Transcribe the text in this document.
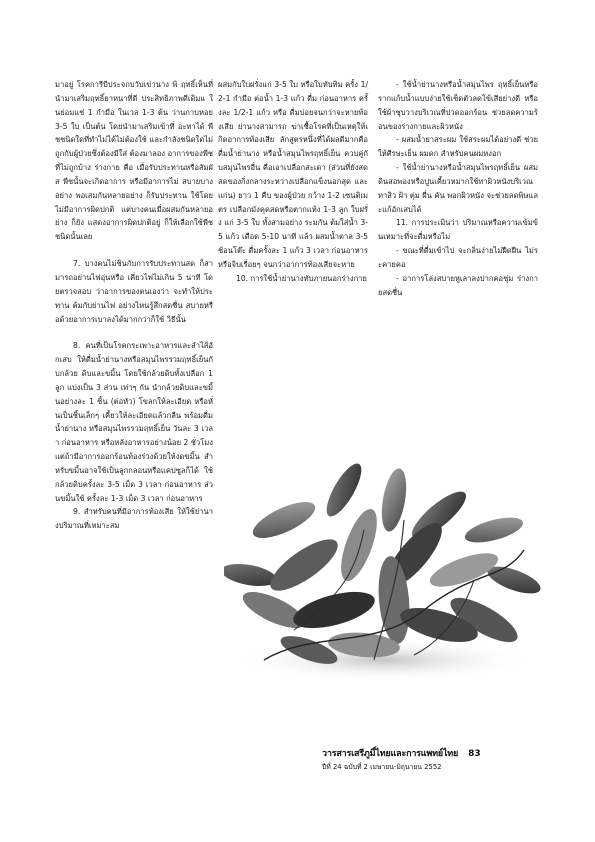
มาอยู่ โรคการีบีประจกบวับเข่านาง พิ ฤทธิ์เห็นที่นำมาเสริมฤทธิ์ยาหนาที่ดี ประสิทธิภาพดีเดิมแ ในย่อมแช่ 1 กำมือ ในเวล 1-3 ต้น ว่านกาบหอย 3-5 ใบ เป็นต้น โดยนำมาเสริมเข้าที่ อะทาได้ พืชชนิดใดที่ทำไม่ได้ไม่ต้องใช้ และกำลังชนิดใดไม่ถูกกับผู้ป่วยซึ่งต้องมีใส่ ต้องมาลอง อาการของพืชที่ไม่ถูกบ้าง ร่างกาย คือ เมื่อรับประทานหรือสัมผัส พืชนั้นจะเกิดอาการ หรือมีอาการไม่ สบายบางอย่าง พอเสมกันหลายอย่าง ก็รับประทาน ใช้โดยไม่มีอาการผิดปกติ แต่บางคนเมื่อผสมกันหลายอย่าง ก็ยัง แสดงอาการผิดปกติอยู่ ก็ให้เลือกใช้พืช ชนิดนั้นเลย

7. บางคนไม่ชินกับการรับประทานสด ก็สามารถอย่านไฟอุ่นหรือ เคี่ยวไฟไม่เกิน 5 นาที โดยตรวจสอบ ว่าอาการของตนเองว่า จะทำให้ประทาน ต้มกับย่านไฟ อย่างไหนรู้สึกสดชื่น สบายหรือด้วยอาการเบาลงได้มากกว่าก็ใช้ วิธีนั้น

8. คนที่เป็นโรคกระเพาะอาหารและลำไส้อักเสบ ให้ดื่มน้ำย่านางหรือสมุนไพรรวมฤทธิ์เย็นกับกล้วย ดิบและขมิ้น โดยใช้กล้วยดิบทั้งเปลือก 1 ลูก แบ่งเป็น 3 ส่วน เท่าๆ กัน นำกล้วยดิบและขมิ้นอย่างละ 1 ชิ้น (ต่อหัว) โขลกให้ละเอียด หรือหั่นเป็นชิ้นเล็กๆ เคี้ยวให้ละเอียดแล้วกลืน พร้อมดื่มน้ำย่านาง หรือสมุนไพรรวมฤทธิ์เย็น วันละ 3 เวลา ก่อนอาหาร หรือหลังอาหารอย่างน้อย 2 ชั่วโมง แต่ถ้ามีอาการออกร้อนท้องร่วงด้วยให้งดขมิ้น สำหรับขมิ้นอาจใช้เป็นลูกกลอนหรือแคปซูลก็ได้ ใช้กล้วยดิบครั้งละ 3-5 เม็ด 3 เวลา ก่อนอาหาร ส่วนขมิ้นใช้ ครั้งละ 1-3 เม็ด 3 เวลา ก่อนอาหาร

9. สำหรับคนที่มีอาการท้องเสีย ให้ใช้ย่านางปริมาณที่เหมาะสม

ผสมกับใบฝรั่งแก่ 3-5 ใบ หรือใบทับทิม ครั้ง 1/2-1 กำมือ ต่อน้ำ 1-3 แก้ว ดื่ม ก่อนอาหาร ครั้งละ 1/2-1 แก้ว หรือ ดื่มบ่อยจนกว่าจะหายท้องเสีย ย่านางสามารถ ฆ่าเชื้อโรคที่เป็นเหตุให้เกิดอาการท้องเสีย ลักสูตรหนึ่งที่ได้ผลดีมากคือ ดื่มน้ำย่านาง หรือน้ำสมุนไพรฤทธิ์เย็น ควบคู่กับสมุนไพรอื่น คือเอาเปลือกสะเดา (ส่วนที่ยังสดสดของกิ่งกลางระหว่างเปลือกแข็งนอกสุด และแก่น) ยาว 1 คืบ ของผู้ป่วย กว้าง 1-2 เซนติเมตร เปลือกมังคุดสดหรือตากแห้ง 1-3 ลูก ใบฝรั่ง แก่ 3-5 ใบ ทั้งสามอย่าง ระมกัน ต้มใส่น้ำ 3-5 แก้ว เดือด 5-10 นาที แล้ว ผสมน้ำตาล 3-5 ช้อนโต๊ะ ดื่มครั้งละ 1 แก้ว 3 เวลา ก่อนอาหาร หรือจิบเรื่อยๆ จนกว่าอาการท้องเสียจะหาย

10. การใช้น้ำย่านางทับภายนอกร่างกาย

- ใช้น้ำย่านางหรือน้ำสมุนไพร ฤทธิ์เย็นหรือรากแก้บน้ำแบบง่ายใช้เช็ดตัวลดไข้เสียย่างดี หรือใช้ผ้าชุบวางบริเวณที่ปวดออกร้อน ช่วยลดความร้อนของร่างกายและผิวหนัง

- ผสมน้ำยาสระผม ใช้สระผมได้อย่างดี ช่วยให้ศีรษะเย็น ผมดก สำหรับคนผมหงอก

- ใช้น้ำย่านางหรือน้ำสมุนไพรฤทธิ์เย็น ผสมดินสอพองหรือปูนเคี้ยวหมากใช้ทาผิวหนังบริเวณ ทาสิว ฝ้า ตุ่ม ผื่น คัน พอกผิวหนัง จะช่วยลดพิษและแก้อักเสบได้

11. การประเมินว่า ปริมาณหรือความเข้มข้นเหมาะที่จะดื่มหรือไม่

- ขณะที่ดื่มเข้าไป จะกลิ่นง่ายไม่ฝืดฝืน ไม่ระคายคอ

- อาการโล่งสบายหูเลาลงปากคอชุ่ม ร่างกายสดชื่น

วารสารเสรีภูมิ์ไทยและการแพทย์ไทย 83
ปีที่ 24 ฉบับที่ 2 เมษายน-มิถุนายน 2552
